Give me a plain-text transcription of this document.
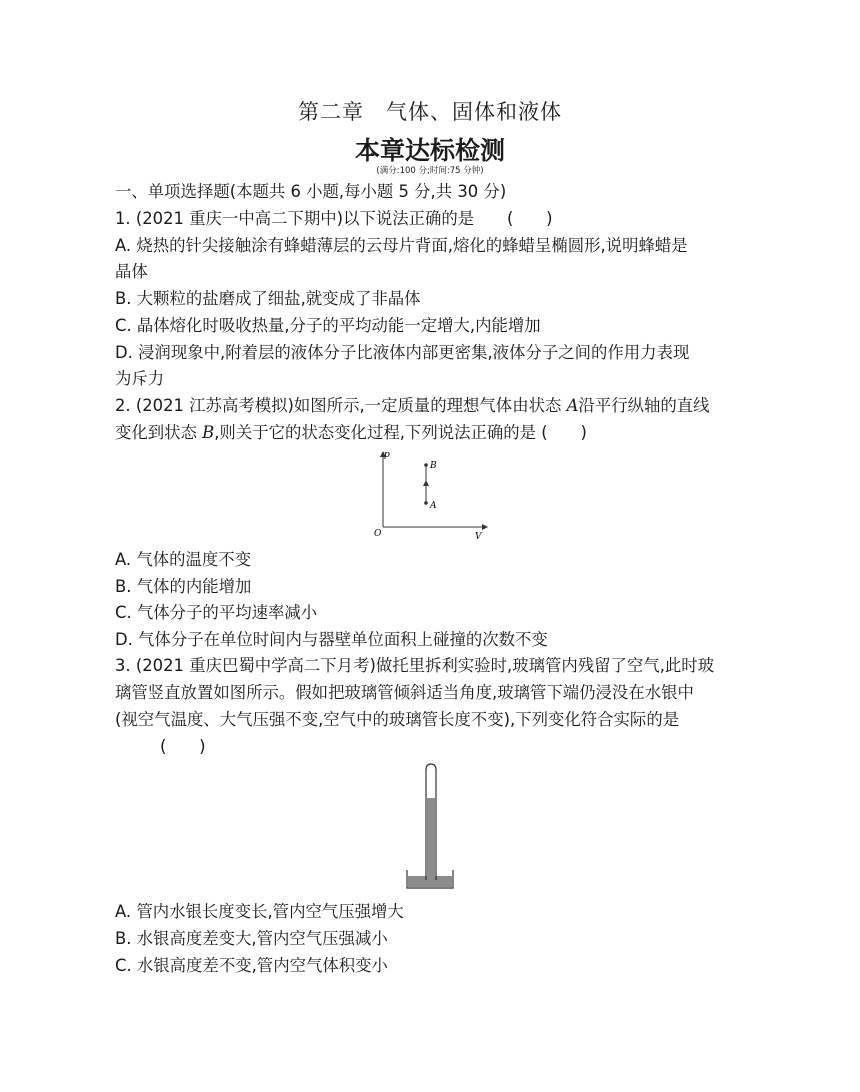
第二章　气体、固体和液体
本章达标检测
(满分:100 分;时间:75 分钟)
一、单项选择题(本题共 6 小题,每小题 5 分,共 30 分)
1. (2021 重庆一中高二下期中)以下说法正确的是　　(　　)
A. 烧热的针尖接触涂有蜂蜡薄层的云母片背面,熔化的蜂蜡呈椭圆形,说明蜂蜡是
晶体
B. 大颗粒的盐磨成了细盐,就变成了非晶体
C. 晶体熔化时吸收热量,分子的平均动能一定增大,内能增加
D. 浸润现象中,附着层的液体分子比液体内部更密集,液体分子之间的作用力表现
为斥力
2. (2021 江苏高考模拟)如图所示,一定质量的理想气体由状态 A沿平行纵轴的直线
变化到状态 B,则关于它的状态变化过程,下列说法正确的是 (　　)
p
V
O
A
B
A. 气体的温度不变
B. 气体的内能增加
C. 气体分子的平均速率减小
D. 气体分子在单位时间内与器壁单位面积上碰撞的次数不变
3. (2021 重庆巴蜀中学高二下月考)做托里拆利实验时,玻璃管内残留了空气,此时玻
璃管竖直放置如图所示。假如把玻璃管倾斜适当角度,玻璃管下端仍浸没在水银中
(视空气温度、大气压强不变,空气中的玻璃管长度不变),下列变化符合实际的是
(　　)
A. 管内水银长度变长,管内空气压强增大
B. 水银高度差变大,管内空气压强减小
C. 水银高度差不变,管内空气体积变小
